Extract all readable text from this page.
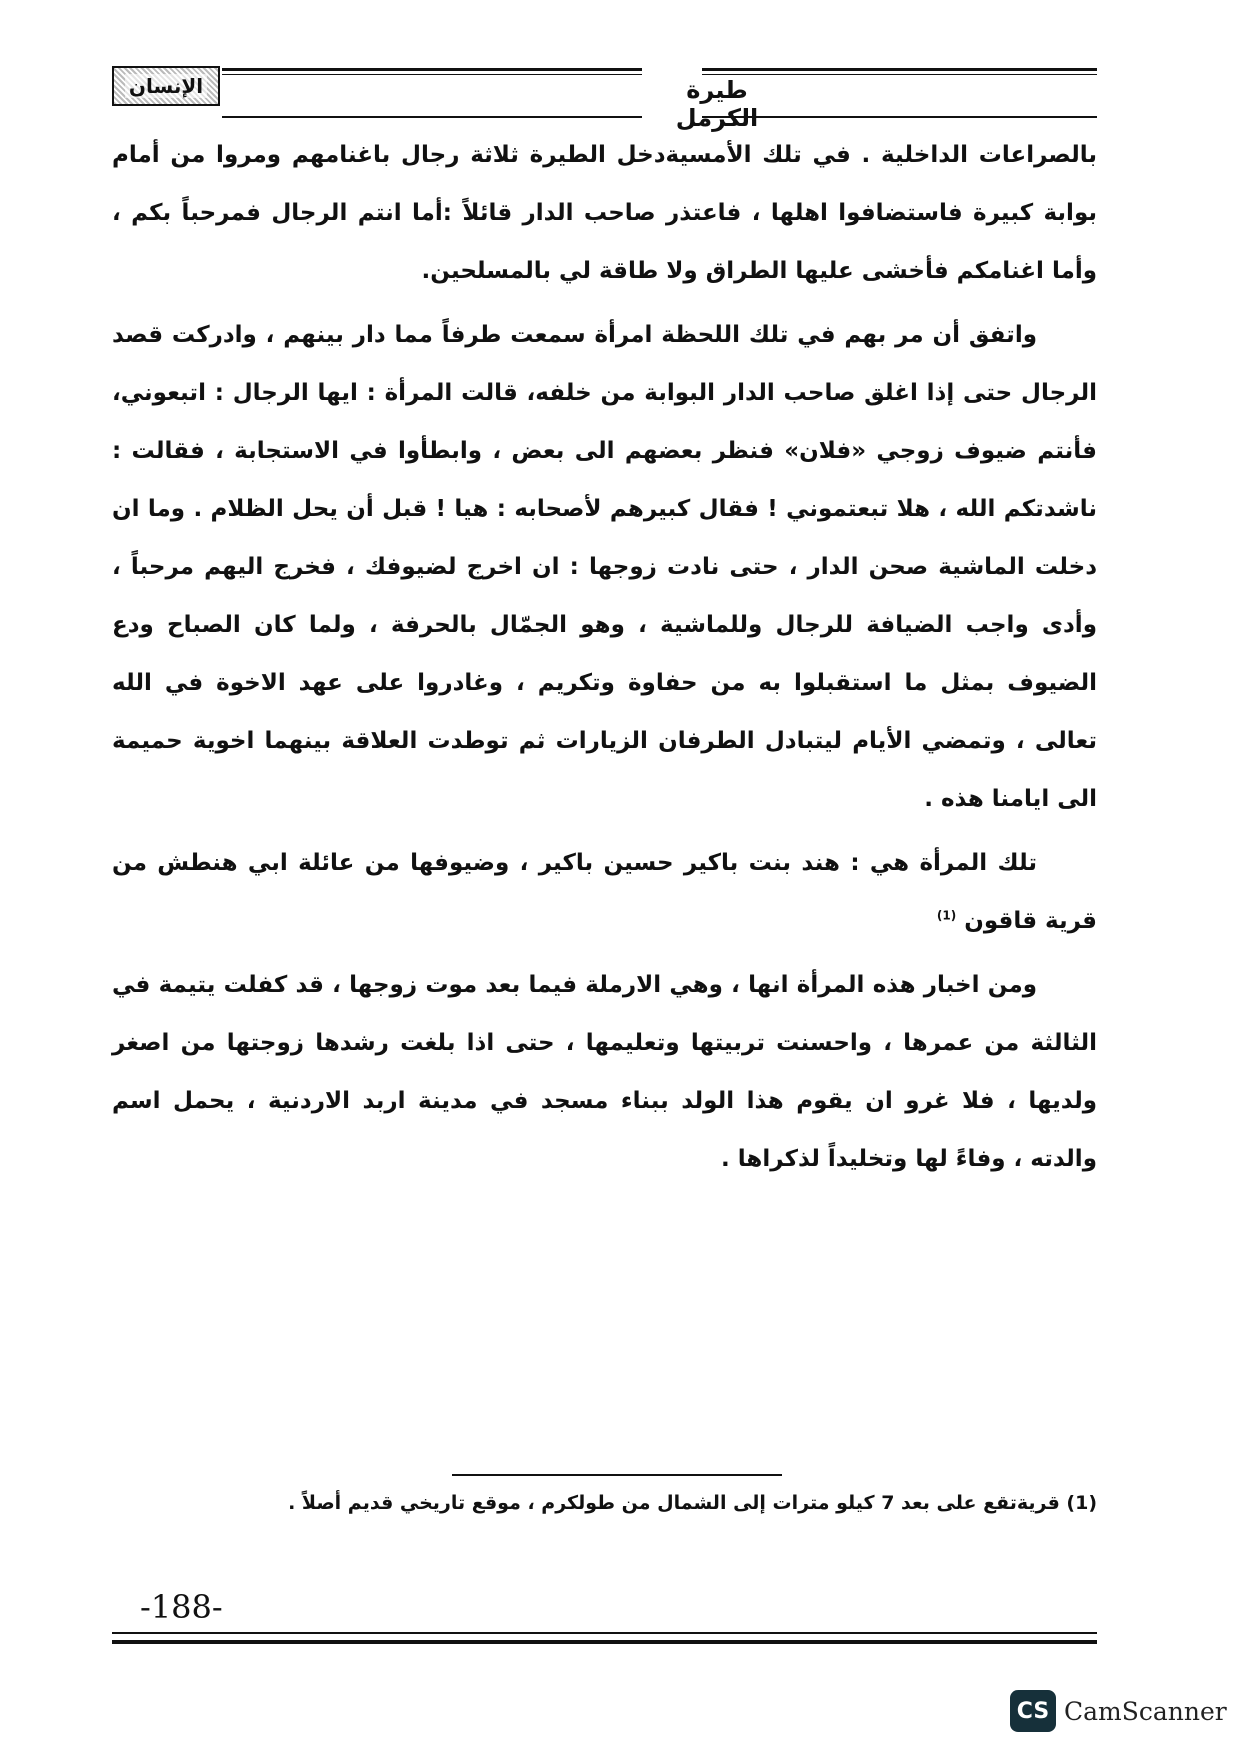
طيرة الكرمل
الإنسان

بالصراعات الداخلية . في تلك الأمسيةدخل الطيرة ثلاثة رجال باغنامهم ومروا من أمام بوابة كبيرة فاستضافوا اهلها ، فاعتذر صاحب الدار قائلاً :أما انتم الرجال فمرحباً بكم ، وأما اغنامكم فأخشى عليها الطراق ولا طاقة لي بالمسلحين.

واتفق أن مر بهم في تلك اللحظة امرأة سمعت طرفاً مما دار بينهم ، وادركت قصد الرجال حتى إذا اغلق صاحب الدار البوابة من خلفه، قالت المرأة : ايها الرجال : اتبعوني، فأنتم ضيوف زوجي «فلان» فنظر بعضهم الى بعض ، وابطأوا في الاستجابة ، فقالت : ناشدتكم الله ، هلا تبعتموني ! فقال كبيرهم لأصحابه : هيا ! قبل أن يحل الظلام . وما ان دخلت الماشية صحن الدار ، حتى نادت زوجها : ان اخرج لضيوفك ، فخرج اليهم مرحباً ، وأدى واجب الضيافة للرجال وللماشية ، وهو الجمّال بالحرفة ، ولما كان الصباح ودع الضيوف بمثل ما استقبلوا به من حفاوة وتكريم ، وغادروا على عهد الاخوة في الله تعالى ، وتمضي الأيام ليتبادل الطرفان الزيارات ثم توطدت العلاقة بينهما اخوية حميمة الى ايامنا هذه .

تلك المرأة هي : هند بنت باكير حسين باكير ، وضيوفها من عائلة ابي هنطش من قرية قاقون $^{(1)}$

ومن اخبار هذه المرأة انها ، وهي الارملة فيما بعد موت زوجها ، قد كفلت يتيمة في الثالثة من عمرها ، واحسنت تربيتها وتعليمها ، حتى اذا بلغت رشدها زوجتها من اصغر ولديها ، فلا غرو ان يقوم هذا الولد ببناء مسجد في مدينة اربد الاردنية ، يحمل اسم والدته ، وفاءً لها وتخليداً لذكراها .

(1) قريةتقع على بعد 7 كيلو مترات إلى الشمال من طولكرم ، موقع تاريخي قديم أصلاً .
-188-
CS CamScanner
